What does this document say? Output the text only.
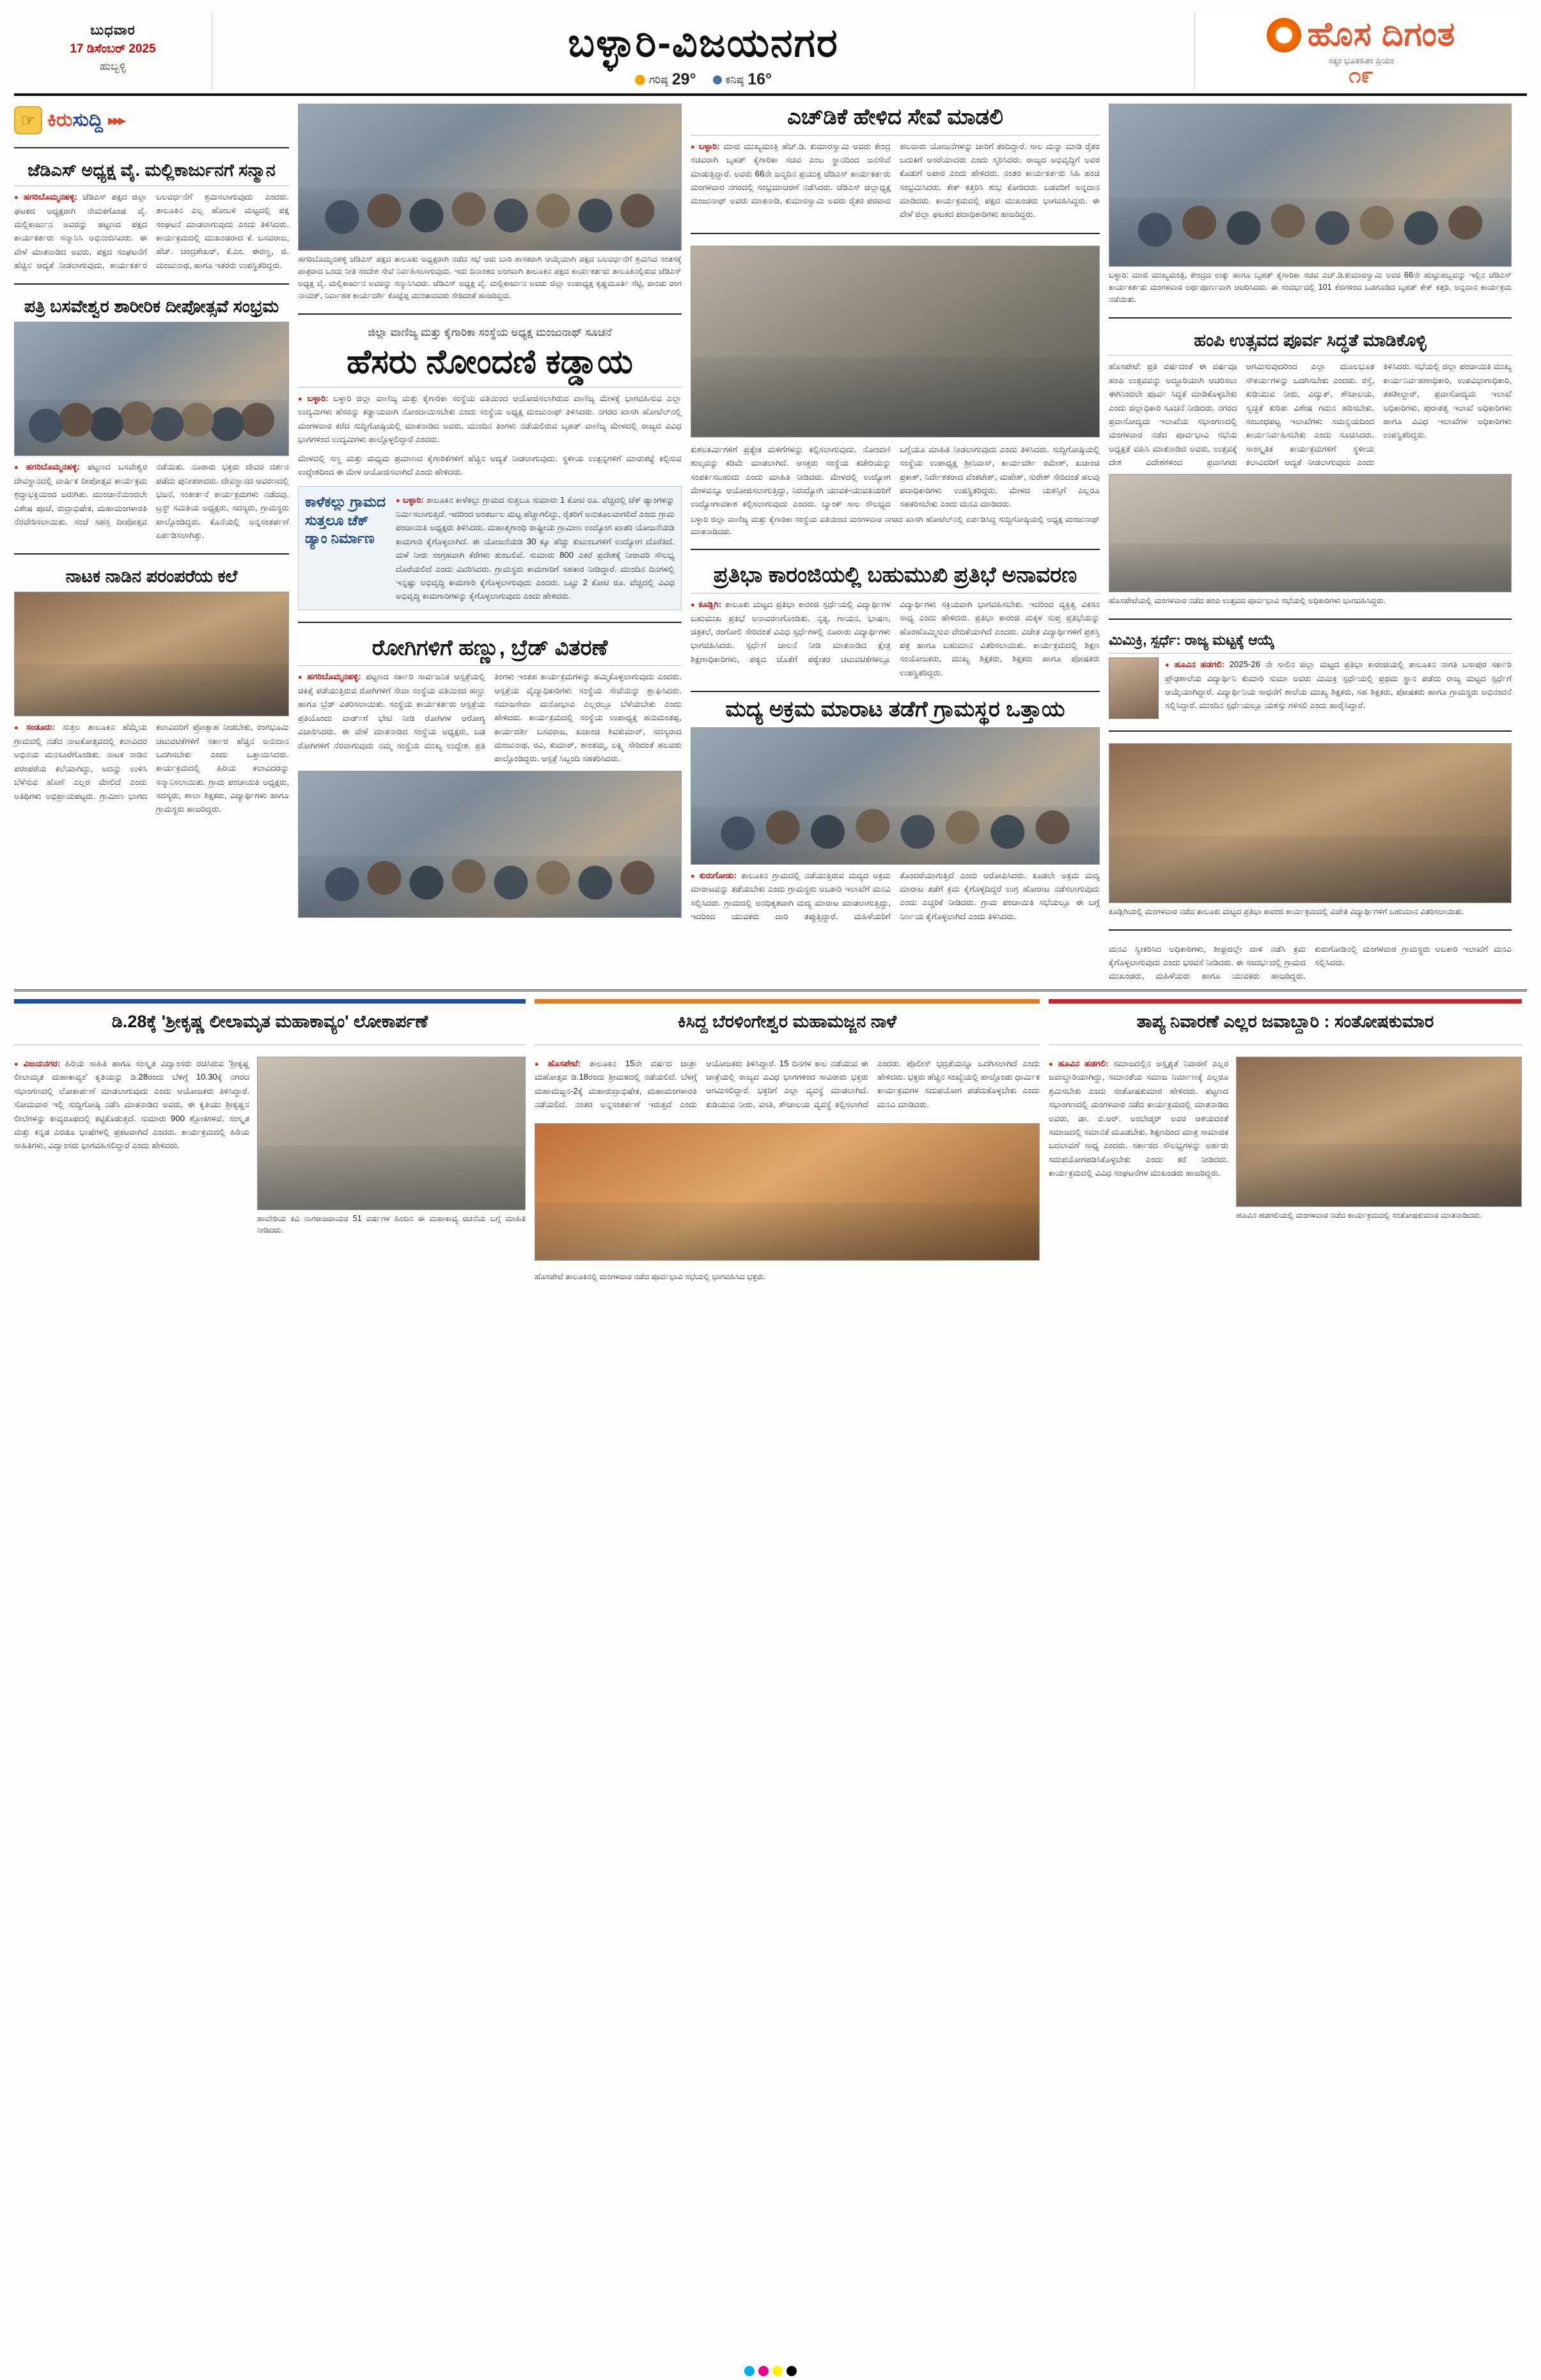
ಬುಧವಾರ
17 ಡಿಸೆಂಬರ್ 2025
ಹುಬ್ಬಳ್ಳಿ
ಬಳ್ಳಾರಿ-ವಿಜಯನಗರ
ಗರಿಷ್ಠ 29°	ಕನಿಷ್ಠ 16°
ಹೊಸ ದಿಗಂತ
ಸತ್ಯಂ ಭೂತಹಿತಂ ಪ್ರಿಯಂ
೧೯
☞
ಕಿರುಸುದ್ದಿ ▸▸▸
ಜೆಡಿಎಸ್ ಅಧ್ಯಕ್ಷ ವೈ. ಮಲ್ಲಿಕಾರ್ಜುನಗೆ ಸನ್ಮಾನ
● ಹಗರಿಬೊಮ್ಮನಹಳ್ಳಿ: ಜೆಡಿಎಸ್ ಪಕ್ಷದ ಜಿಲ್ಲಾ ಘಟಕದ ಅಧ್ಯಕ್ಷರಾಗಿ ನೇಮಕಗೊಂಡ ವೈ. ಮಲ್ಲಿಕಾರ್ಜುನ ಅವರನ್ನು ಪಟ್ಟಣದ ಪಕ್ಷದ ಕಾರ್ಯಕರ್ತರು ಸನ್ಮಾನಿಸಿ ಅಭಿನಂದಿಸಿದರು. ಈ ವೇಳೆ ಮಾತನಾಡಿದ ಅವರು, ಪಕ್ಷದ ಸಂಘಟನೆಗೆ ಹೆಚ್ಚಿನ ಆದ್ಯತೆ ನೀಡಲಾಗುವುದು, ಕಾರ್ಯಕರ್ತರ ಬಲವರ್ಧನೆಗೆ ಶ್ರಮಿಸಲಾಗುವುದು ಎಂದರು. ತಾಲೂಕಿನ ಎಲ್ಲ ಹೋಬಳಿ ಮಟ್ಟದಲ್ಲಿ ಪಕ್ಷ ಸಂಘಟನೆ ಮಾಡಲಾಗುವುದು ಎಂದು ತಿಳಿಸಿದರು. ಕಾರ್ಯಕ್ರಮದಲ್ಲಿ ಮುಖಂಡರಾದ ಕೆ. ಬಸವರಾಜ, ಹೆಚ್. ಚಂದ್ರಶೇಖರ್, ಕೆ.ಎಂ. ಈರಣ್ಣ, ಜಿ. ಮಂಜುನಾಥ, ಹಾಗೂ ಇತರರು ಉಪಸ್ಥಿತರಿದ್ದರು.
ಪತ್ರಿ ಬಸವೇಶ್ವರ ಶಾರೀರಿಕ ದೀಪೋತ್ಸವೆ ಸಂಭ್ರಮ
● ಹಗರಿಬೊಮ್ಮನಹಳ್ಳಿ: ಪಟ್ಟಣದ ಬಸವೇಶ್ವರ ದೇವಸ್ಥಾನದಲ್ಲಿ ವಾರ್ಷಿಕ ದೀಪೋತ್ಸವ ಕಾರ್ಯಕ್ರಮ ಶ್ರದ್ಧಾಭಕ್ತಿಯಿಂದ ಜರುಗಿತು. ಮುಂಜಾನೆಯಿಂದಲೇ ವಿಶೇಷ ಪೂಜೆ, ರುದ್ರಾಭಿಷೇಕ, ಮಹಾಮಂಗಳಾರತಿ ನೆರವೇರಿಸಲಾಯಿತು. ಸಂಜೆ ಸಹಸ್ರ ದೀಪೋತ್ಸವ ನಡೆಯಿತು. ನೂರಾರು ಭಕ್ತರು ದೇವರ ದರ್ಶನ ಪಡೆದು ಪುನೀತರಾದರು. ದೇವಸ್ಥಾನದ ಆವರಣದಲ್ಲಿ ಭಜನೆ, ಸಂಕೀರ್ತನೆ ಕಾರ್ಯಕ್ರಮಗಳು ನಡೆದವು. ಟ್ರಸ್ಟ್ ಸಮಿತಿಯ ಅಧ್ಯಕ್ಷರು, ಸದಸ್ಯರು, ಗ್ರಾಮಸ್ಥರು ಪಾಲ್ಗೊಂಡಿದ್ದರು. ಕೊನೆಯಲ್ಲಿ ಅನ್ನಸಂತರ್ಪಣೆ ಏರ್ಪಡಿಸಲಾಗಿತ್ತು.
ನಾಟಕ ನಾಡಿನ ಪರಂಪರೆಯ ಕಲೆ
● ಸಂಡೂರು: ಸುತ್ತಲ ತಾಲೂಕಿನ ಹೆಮ್ಮೆಯ ಗ್ರಾಮದಲ್ಲಿ ನಡೆದ ನಾಟಕೋತ್ಸವದಲ್ಲಿ ಕಲಾವಿದರ ಅಭಿನಯ ಮನಸೂರೆಗೊಂಡಿತು. ನಾಟಕ ನಾಡಿನ ಪರಂಪರೆಯ ಕಲೆಯಾಗಿದ್ದು, ಅದನ್ನು ಉಳಿಸಿ ಬೆಳೆಸುವ ಹೊಣೆ ಎಲ್ಲರ ಮೇಲಿದೆ ಎಂದು ಅತಿಥಿಗಳು ಅಭಿಪ್ರಾಯಪಟ್ಟರು. ಗ್ರಾಮೀಣ ಭಾಗದ ಕಲಾವಿದರಿಗೆ ಪ್ರೋತ್ಸಾಹ ನೀಡಬೇಕು, ರಂಗಭೂಮಿ ಚಟುವಟಿಕೆಗಳಿಗೆ ಸರ್ಕಾರ ಹೆಚ್ಚಿನ ಅನುದಾನ ಒದಗಿಸಬೇಕು ಎಂದು ಒತ್ತಾಯಿಸಿದರು. ಕಾರ್ಯಕ್ರಮದಲ್ಲಿ ಹಿರಿಯ ಕಲಾವಿದರನ್ನು ಸನ್ಮಾನಿಸಲಾಯಿತು. ಗ್ರಾಮ ಪಂಚಾಯಿತಿ ಅಧ್ಯಕ್ಷರು, ಸದಸ್ಯರು, ಶಾಲಾ ಶಿಕ್ಷಕರು, ವಿದ್ಯಾರ್ಥಿಗಳು ಹಾಗೂ ಗ್ರಾಮಸ್ಥರು ಹಾಜರಿದ್ದರು.
ಹಗರಿಬೊಮ್ಮನಹಳ್ಳಿ ಜೆಡಿಎಸ್ ಪಕ್ಷದ ತಾಲೂಕು ಅಧ್ಯಕ್ಷರಾಗಿ ನಡೆದ ಸಭೆ ಆರು ಬಾರಿ ಶಾಸಕರಾಗಿ ಆಯ್ಕೆಯಾಗಿ ಪಕ್ಷದ ಬಲವರ್ಧನೆಗೆ ಶ್ರಮಿಸಿದ ಸಂತಸಕ್ಕೆ ಪಾತ್ರರಾದ ಒಂದು ನೀತಿ ಸಂದೇಶ ಸೇವೆ ನಿರ್ವಹಿಸಲಾಗುವುದು. ಇದು ದಿನಾಂಕದ ಅಂಗವಾಗಿ ತಾಲೂಕಿನ ಪಕ್ಷದ ಕಾರ್ಯಕರ್ತರು ತಾಲೂಕಿನಲ್ಲಿರುವ ಜೆಡಿಎಸ್ ಅಧ್ಯಕ್ಷ ವೈ. ಮಲ್ಲಿಕಾರ್ಜುನ ಅವರನ್ನು ಸನ್ಮಾನಿಸಿದರು. ಜೆಡಿಎಸ್ ಅಧ್ಯಕ್ಷ ವೈ. ಮಲ್ಲಿಕಾರ್ಜುನ ಅವರು ಜಿಲ್ಲಾ ಉಪಾಧ್ಯಕ್ಷ ಕೃಷ್ಣಮೂರ್ತಿ ಸೆಟ್ಟಿ, ಪಾಂಡು ರಂಗ ನಾಯಕ್, ನಿರ್ವಾಹಕ ಕಾರ್ಯದರ್ಶಿ ಕೊಟ್ಟೆಪ್ಪ ಮುಂತಾದವರು ಸೇರಿದಂತೆ ಹಾಜರಿದ್ದರು.
ಜಿಲ್ಲಾ ವಾಣಿಜ್ಯ ಮತ್ತು ಕೈಗಾರಿಕಾ ಸಂಸ್ಥೆಯ ಅಧ್ಯಕ್ಷ ಮಂಜುನಾಥ್ ಸೂಚನೆ
ಹೆಸರು ನೋಂದಣಿ ಕಡ್ಡಾಯ
● ಬಳ್ಳಾರಿ: ಬಳ್ಳಾರಿ ಜಿಲ್ಲಾ ವಾಣಿಜ್ಯ ಮತ್ತು ಕೈಗಾರಿಕಾ ಸಂಸ್ಥೆಯ ವತಿಯಿಂದ ಆಯೋಜಿಸಲಾಗಿರುವ ವಾಣಿಜ್ಯ ಮೇಳಕ್ಕೆ ಭಾಗವಹಿಸುವ ಎಲ್ಲಾ ಉದ್ಯಮಿಗಳು ಹೆಸರನ್ನು ಕಡ್ಡಾಯವಾಗಿ ನೋಂದಾಯಿಸಬೇಕು ಎಂದು ಸಂಸ್ಥೆಯ ಅಧ್ಯಕ್ಷ ಮಂಜುನಾಥ್ ತಿಳಿಸಿದರು. ನಗರದ ಖಾಸಗಿ ಹೋಟೆಲ್‌ನಲ್ಲಿ ಮಂಗಳವಾರ ಕರೆದ ಸುದ್ದಿಗೋಷ್ಠಿಯಲ್ಲಿ ಮಾತನಾಡಿದ ಅವರು, ಮುಂದಿನ ತಿಂಗಳು ನಡೆಯಲಿರುವ ಬೃಹತ್ ವಾಣಿಜ್ಯ ಮೇಳದಲ್ಲಿ ರಾಜ್ಯದ ವಿವಿಧ ಭಾಗಗಳಿಂದ ಉದ್ಯಮಿಗಳು ಪಾಲ್ಗೊಳ್ಳಲಿದ್ದಾರೆ ಎಂದರು.
ಮೇಳದಲ್ಲಿ ಸಣ್ಣ ಮತ್ತು ಮಧ್ಯಮ ಪ್ರಮಾಣದ ಕೈಗಾರಿಕೆಗಳಿಗೆ ಹೆಚ್ಚಿನ ಆದ್ಯತೆ ನೀಡಲಾಗುವುದು. ಸ್ಥಳೀಯ ಉತ್ಪನ್ನಗಳಿಗೆ ಮಾರುಕಟ್ಟೆ ಕಲ್ಪಿಸುವ ಉದ್ದೇಶದಿಂದ ಈ ಮೇಳ ಆಯೋಜಿಸಲಾಗಿದೆ ಎಂದು ಹೇಳಿದರು.
ಕಾಳೆಕಲ್ಲು ಗ್ರಾಮದ ಸುತ್ತಲೂ ಚೆಕ್ ಡ್ಯಾಂ ನಿರ್ಮಾಣ
● ಬಳ್ಳಾರಿ: ತಾಲೂಕಿನ ಕಾಳೆಕಲ್ಲು ಗ್ರಾಮದ ಸುತ್ತಲೂ ಸುಮಾರು 1 ಕೋಟಿ ರೂ. ವೆಚ್ಚದಲ್ಲಿ ಚೆಕ್ ಡ್ಯಾಂಗಳನ್ನು ನಿರ್ಮಿಸಲಾಗುತ್ತಿದೆ. ಇದರಿಂದ ಅಂತರ್ಜಲ ಮಟ್ಟ ಹೆಚ್ಚಾಗಲಿದ್ದು, ರೈತರಿಗೆ ಅನುಕೂಲವಾಗಲಿದೆ ಎಂದು ಗ್ರಾಮ ಪಂಚಾಯಿತಿ ಅಧ್ಯಕ್ಷರು ತಿಳಿಸಿದರು. ಮಹಾತ್ಮಗಾಂಧಿ ರಾಷ್ಟ್ರೀಯ ಗ್ರಾಮೀಣ ಉದ್ಯೋಗ ಖಾತರಿ ಯೋಜನೆಯಡಿ ಕಾಮಗಾರಿ ಕೈಗೊಳ್ಳಲಾಗಿದೆ. ಈ ಯೋಜನೆಯಡಿ 30 ಕ್ಕೂ ಹೆಚ್ಚು ಕುಟುಂಬಗಳಿಗೆ ಉದ್ಯೋಗ ದೊರೆತಿದೆ. ಮಳೆ ನೀರು ಸಂಗ್ರಹವಾಗಿ ಕೆರೆಗಳು ತುಂಬಲಿವೆ. ಸುಮಾರು 800 ಎಕರೆ ಪ್ರದೇಶಕ್ಕೆ ನೀರಾವರಿ ಸೌಲಭ್ಯ ದೊರೆಯಲಿದೆ ಎಂದು ವಿವರಿಸಿದರು. ಗ್ರಾಮಸ್ಥರು ಕಾಮಗಾರಿಗೆ ಸಹಕಾರ ನೀಡಿದ್ದಾರೆ. ಮುಂದಿನ ದಿನಗಳಲ್ಲಿ ಇನ್ನಷ್ಟು ಅಭಿವೃದ್ಧಿ ಕಾಮಗಾರಿ ಕೈಗೊಳ್ಳಲಾಗುವುದು ಎಂದರು. ಒಟ್ಟು 2 ಕೋಟಿ ರೂ. ವೆಚ್ಚದಲ್ಲಿ ವಿವಿಧ ಅಭಿವೃದ್ಧಿ ಕಾಮಗಾರಿಗಳನ್ನು ಕೈಗೊಳ್ಳಲಾಗುವುದು ಎಂದು ಹೇಳಿದರು.
ರೋಗಿಗಳಿಗೆ ಹಣ್ಣು, ಬ್ರೆಡ್ ವಿತರಣೆ
● ಹಗರಿಬೊಮ್ಮನಹಳ್ಳಿ: ಪಟ್ಟಣದ ಸರ್ಕಾರಿ ಸಾರ್ವಜನಿಕ ಆಸ್ಪತ್ರೆಯಲ್ಲಿ ಚಿಕಿತ್ಸೆ ಪಡೆಯುತ್ತಿರುವ ರೋಗಿಗಳಿಗೆ ಸೇವಾ ಸಂಸ್ಥೆಯ ವತಿಯಿಂದ ಹಣ್ಣು ಹಾಗೂ ಬ್ರೆಡ್ ವಿತರಿಸಲಾಯಿತು. ಸಂಸ್ಥೆಯ ಕಾರ್ಯಕರ್ತರು ಆಸ್ಪತ್ರೆಯ ಪ್ರತಿಯೊಂದು ವಾರ್ಡ್‌ಗೆ ಭೇಟಿ ನೀಡಿ ರೋಗಿಗಳ ಆರೋಗ್ಯ ವಿಚಾರಿಸಿದರು. ಈ ವೇಳೆ ಮಾತನಾಡಿದ ಸಂಸ್ಥೆಯ ಅಧ್ಯಕ್ಷರು, ಬಡ ರೋಗಿಗಳಿಗೆ ನೆರವಾಗುವುದು ನಮ್ಮ ಸಂಸ್ಥೆಯ ಮುಖ್ಯ ಉದ್ದೇಶ. ಪ್ರತಿ ತಿಂಗಳು ಇಂತಹ ಕಾರ್ಯಕ್ರಮಗಳನ್ನು ಹಮ್ಮಿಕೊಳ್ಳಲಾಗುವುದು ಎಂದರು. ಆಸ್ಪತ್ರೆಯ ವೈದ್ಯಾಧಿಕಾರಿಗಳು ಸಂಸ್ಥೆಯ ಸೇವೆಯನ್ನು ಶ್ಲಾಘಿಸಿದರು. ಸಮಾಜಸೇವಾ ಮನೋಭಾವ ಎಲ್ಲರಲ್ಲೂ ಬೆಳೆಯಬೇಕು ಎಂದು ಹೇಳಿದರು. ಕಾರ್ಯಕ್ರಮದಲ್ಲಿ ಸಂಸ್ಥೆಯ ಉಪಾಧ್ಯಕ್ಷ ಹನುಮಂತಪ್ಪ, ಕಾರ್ಯದರ್ಶಿ ಬಸವರಾಜ, ಖಜಾಂಚಿ ಶಿವಕುಮಾರ್, ಸದಸ್ಯರಾದ ಮಂಜುನಾಥ, ರವಿ, ಕುಮಾರ್, ಶಾಂತಮ್ಮ, ಲಕ್ಷ್ಮಿ ಸೇರಿದಂತೆ ಹಲವರು ಪಾಲ್ಗೊಂಡಿದ್ದರು. ಆಸ್ಪತ್ರೆ ಸಿಬ್ಬಂದಿ ಸಹಕರಿಸಿದರು.
ಎಚ್‌ಡಿಕೆ ಹೇಳಿದ ಸೇವೆ ಮಾಡಲಿ
● ಬಳ್ಳಾರಿ: ಮಾಜಿ ಮುಖ್ಯಮಂತ್ರಿ ಹೆಚ್.ಡಿ. ಕುಮಾರಸ್ವಾಮಿ ಅವರು ಕೇಂದ್ರ ಸಚಿವರಾಗಿ ಬೃಹತ್ ಕೈಗಾರಿಕಾ ಸಚಿವ ಎಂಬ ಸ್ಥಾನದಿಂದ ಜನಸೇವೆ ಮಾಡುತ್ತಿದ್ದಾರೆ. ಅವರು 66ನೇ ಜನ್ಮದಿನ ಪ್ರಯುಕ್ತ ಜೆಡಿಎಸ್ ಕಾರ್ಯಕರ್ತರು ಮಂಗಳವಾರ ನಗರದಲ್ಲಿ ಸಂಭ್ರಮಾಚರಣೆ ನಡೆಸಿದರು. ಜೆಡಿಎಸ್ ಜಿಲ್ಲಾಧ್ಯಕ್ಷ ಮಂಜುನಾಥ್ ಅವರು ಮಾತನಾಡಿ, ಕುಮಾರಸ್ವಾಮಿ ಅವರು ರೈತರ ಪರವಾದ ಹಲವಾರು ಯೋಜನೆಗಳನ್ನು ಜಾರಿಗೆ ತಂದಿದ್ದಾರೆ. ಸಾಲ ಮನ್ನಾ ಮಾಡಿ ರೈತರ ಬದುಕಿಗೆ ಆಸರೆಯಾದರು ಎಂದು ಸ್ಮರಿಸಿದರು. ರಾಜ್ಯದ ಅಭಿವೃದ್ಧಿಗೆ ಅವರ ಕೊಡುಗೆ ಅಪಾರ ಎಂದು ಹೇಳಿದರು. ನಂತರ ಕಾರ್ಯಕರ್ತರು ಸಿಹಿ ಹಂಚಿ ಸಂಭ್ರಮಿಸಿದರು. ಕೇಕ್ ಕತ್ತರಿಸಿ ಶುಭ ಕೋರಿದರು. ಬಡವರಿಗೆ ಅನ್ನದಾನ ಮಾಡಿದರು. ಕಾರ್ಯಕ್ರಮದಲ್ಲಿ ಪಕ್ಷದ ಮುಖಂಡರು ಭಾಗವಹಿಸಿದ್ದರು. ಈ ವೇಳೆ ಜಿಲ್ಲಾ ಘಟಕದ ಪದಾಧಿಕಾರಿಗಳು ಹಾಜರಿದ್ದರು.
ಕುಶಲಕರ್ಮಿಗಳಿಗೆ ಪ್ರತ್ಯೇಕ ಮಳಿಗೆಗಳನ್ನು ಕಲ್ಪಿಸಲಾಗುವುದು. ನೋಂದಣಿ ಶುಲ್ಕವನ್ನು ಕಡಿಮೆ ಮಾಡಲಾಗಿದೆ. ಆಸಕ್ತರು ಸಂಸ್ಥೆಯ ಕಚೇರಿಯನ್ನು ಸಂಪರ್ಕಿಸಬಹುದು ಎಂದು ಮಾಹಿತಿ ನೀಡಿದರು. ಮೇಳದಲ್ಲಿ ಉದ್ಯೋಗ ಮೇಳವನ್ನೂ ಆಯೋಜಿಸಲಾಗುತ್ತಿದ್ದು, ನಿರುದ್ಯೋಗಿ ಯುವಕ-ಯುವತಿಯರಿಗೆ ಉದ್ಯೋಗಾವಕಾಶ ಕಲ್ಪಿಸಲಾಗುವುದು ಎಂದರು. ಬ್ಯಾಂಕ್ ಸಾಲ ಸೌಲಭ್ಯದ ಬಗ್ಗೆಯೂ ಮಾಹಿತಿ ನೀಡಲಾಗುವುದು ಎಂದು ತಿಳಿಸಿದರು. ಸುದ್ದಿಗೋಷ್ಠಿಯಲ್ಲಿ ಸಂಸ್ಥೆಯ ಉಪಾಧ್ಯಕ್ಷ ಶ್ರೀನಿವಾಸ್, ಕಾರ್ಯದರ್ಶಿ ರಮೇಶ್, ಖಜಾಂಚಿ ಪ್ರಕಾಶ್, ನಿರ್ದೇಶಕರಾದ ವೆಂಕಟೇಶ್, ಮಹೇಶ್, ಸುರೇಶ್ ಸೇರಿದಂತೆ ಹಲವು ಪದಾಧಿಕಾರಿಗಳು ಉಪಸ್ಥಿತರಿದ್ದರು. ಮೇಳದ ಯಶಸ್ಸಿಗೆ ಎಲ್ಲರೂ ಸಹಕರಿಸಬೇಕು ಎಂದು ಮನವಿ ಮಾಡಿದರು.
ಬಳ್ಳಾರಿ ಜಿಲ್ಲಾ ವಾಣಿಜ್ಯ ಮತ್ತು ಕೈಗಾರಿಕಾ ಸಂಸ್ಥೆಯ ವತಿಯಿಂದ ಮಂಗಳವಾರ ನಗರದ ಖಾಸಗಿ ಹೋಟೆಲ್‌ನಲ್ಲಿ ಏರ್ಪಡಿಸಿದ್ದ ಸುದ್ದಿಗೋಷ್ಠಿಯಲ್ಲಿ ಅಧ್ಯಕ್ಷ ಮಂಜುನಾಥ್ ಮಾತನಾಡಿದರು.
ಪ್ರತಿಭಾ ಕಾರಂಜಿಯಲ್ಲಿ ಬಹುಮುಖಿ ಪ್ರತಿಭೆ ಅನಾವರಣ
● ಕೂಡ್ಲಿಗಿ: ತಾಲೂಕು ಮಟ್ಟದ ಪ್ರತಿಭಾ ಕಾರಂಜಿ ಸ್ಪರ್ಧೆಯಲ್ಲಿ ವಿದ್ಯಾರ್ಥಿಗಳ ಬಹುಮುಖ ಪ್ರತಿಭೆ ಅನಾವರಣಗೊಂಡಿತು. ನೃತ್ಯ, ಗಾಯನ, ಭಾಷಣ, ಚಿತ್ರಕಲೆ, ರಂಗೋಲಿ ಸೇರಿದಂತೆ ವಿವಿಧ ಸ್ಪರ್ಧೆಗಳಲ್ಲಿ ನೂರಾರು ವಿದ್ಯಾರ್ಥಿಗಳು ಭಾಗವಹಿಸಿದರು. ಸ್ಪರ್ಧೆಗೆ ಚಾಲನೆ ನೀಡಿ ಮಾತನಾಡಿದ ಕ್ಷೇತ್ರ ಶಿಕ್ಷಣಾಧಿಕಾರಿಗಳು, ಪಠ್ಯದ ಜೊತೆಗೆ ಪಠ್ಯೇತರ ಚಟುವಟಿಕೆಗಳಲ್ಲೂ ವಿದ್ಯಾರ್ಥಿಗಳು ಸಕ್ರಿಯವಾಗಿ ಭಾಗವಹಿಸಬೇಕು. ಇದರಿಂದ ವ್ಯಕ್ತಿತ್ವ ವಿಕಸನ ಸಾಧ್ಯ ಎಂದು ಹೇಳಿದರು. ಪ್ರತಿಭಾ ಕಾರಂಜಿ ಮಕ್ಕಳ ಸುಪ್ತ ಪ್ರತಿಭೆಯನ್ನು ಹೊರಹೊಮ್ಮಿಸುವ ವೇದಿಕೆಯಾಗಿದೆ ಎಂದರು. ವಿಜೇತ ವಿದ್ಯಾರ್ಥಿಗಳಿಗೆ ಪ್ರಶಸ್ತಿ ಪತ್ರ ಹಾಗೂ ಬಹುಮಾನ ವಿತರಿಸಲಾಯಿತು. ಕಾರ್ಯಕ್ರಮದಲ್ಲಿ ಶಿಕ್ಷಣ ಸಂಯೋಜಕರು, ಮುಖ್ಯ ಶಿಕ್ಷಕರು, ಶಿಕ್ಷಕರು ಹಾಗೂ ಪೋಷಕರು ಉಪಸ್ಥಿತರಿದ್ದರು.
ಮದ್ಯ ಅಕ್ರಮ ಮಾರಾಟ ತಡೆಗೆ ಗ್ರಾಮಸ್ಥರ ಒತ್ತಾಯ
● ಕುರುಗೋಡು: ತಾಲೂಕಿನ ಗ್ರಾಮದಲ್ಲಿ ನಡೆಯುತ್ತಿರುವ ಮದ್ಯದ ಅಕ್ರಮ ಮಾರಾಟವನ್ನು ತಡೆಯಬೇಕು ಎಂದು ಗ್ರಾಮಸ್ಥರು ಅಬಕಾರಿ ಇಲಾಖೆಗೆ ಮನವಿ ಸಲ್ಲಿಸಿದರು. ಗ್ರಾಮದಲ್ಲಿ ಅನಧಿಕೃತವಾಗಿ ಮದ್ಯ ಮಾರಾಟ ಮಾಡಲಾಗುತ್ತಿದ್ದು, ಇದರಿಂದ ಯುವಕರು ದಾರಿ ತಪ್ಪುತ್ತಿದ್ದಾರೆ. ಮಹಿಳೆಯರಿಗೆ ತೊಂದರೆಯಾಗುತ್ತಿದೆ ಎಂದು ಆರೋಪಿಸಿದರು. ಕೂಡಲೇ ಅಕ್ರಮ ಮದ್ಯ ಮಾರಾಟ ತಡೆಗೆ ಕ್ರಮ ಕೈಗೊಳ್ಳದಿದ್ದರೆ ಉಗ್ರ ಹೋರಾಟ ನಡೆಸಲಾಗುವುದು ಎಂದು ಎಚ್ಚರಿಕೆ ನೀಡಿದರು. ಗ್ರಾಮ ಪಂಚಾಯಿತಿ ಸಭೆಯಲ್ಲೂ ಈ ಬಗ್ಗೆ ನಿರ್ಣಯ ಕೈಗೊಳ್ಳಲಾಗಿದೆ ಎಂದು ತಿಳಿಸಿದರು.
ಬಳ್ಳಾರಿ: ಮಾಜಿ ಮುಖ್ಯಮಂತ್ರಿ, ಕೇಂದ್ರದ ಉಕ್ಕು ಹಾಗೂ ಬೃಹತ್ ಕೈಗಾರಿಕಾ ಸಚಿವ ಎಚ್.ಡಿ.ಕುಮಾರಸ್ವಾಮಿ ಅವರ 66ನೇ ಹುಟ್ಟುಹಬ್ಬವನ್ನು ಇಲ್ಲಿನ ಜೆಡಿಎಸ್ ಕಾರ್ಯಕರ್ತರು ಮಂಗಳವಾರ ಅರ್ಥಪೂರ್ಣವಾಗಿ ಆಚರಿಸಿದರು. ಈ ಸಂದರ್ಭದಲ್ಲಿ 101 ಕೆಜಿಗಳಿಂದ ಒಡಗೂಡಿದ ಬೃಹತ್ ಕೇಕ್ ಕತ್ತರಿ, ಅನ್ನದಾನ ಕಾರ್ಯಕ್ರಮ ನಡೆಯಿತು.
ಹಂಪಿ ಉತ್ಸವದ ಪೂರ್ವ ಸಿದ್ಧತೆ ಮಾಡಿಕೊಳ್ಳಿ
ಹೊಸಪೇಟೆ: ಪ್ರತಿ ವರ್ಷದಂತೆ ಈ ವರ್ಷವೂ ಹಂಪಿ ಉತ್ಸವವನ್ನು ಅದ್ದೂರಿಯಾಗಿ ಆಚರಿಸಲು ಈಗಿನಿಂದಲೇ ಪೂರ್ವ ಸಿದ್ಧತೆ ಮಾಡಿಕೊಳ್ಳಬೇಕು ಎಂದು ಜಿಲ್ಲಾಧಿಕಾರಿ ಸೂಚನೆ ನೀಡಿದರು. ನಗರದ ಪ್ರವಾಸೋದ್ಯಮ ಇಲಾಖೆಯ ಸಭಾಂಗಣದಲ್ಲಿ ಮಂಗಳವಾರ ನಡೆದ ಪೂರ್ವಭಾವಿ ಸಭೆಯ ಅಧ್ಯಕ್ಷತೆ ವಹಿಸಿ ಮಾತನಾಡಿದ ಅವರು, ಉತ್ಸವಕ್ಕೆ ದೇಶ ವಿದೇಶಗಳಿಂದ ಪ್ರವಾಸಿಗರು ಆಗಮಿಸುವುದರಿಂದ ಎಲ್ಲಾ ಮೂಲಭೂತ ಸೌಕರ್ಯಗಳನ್ನು ಒದಗಿಸಬೇಕು ಎಂದರು. ರಸ್ತೆ, ಕುಡಿಯುವ ನೀರು, ವಿದ್ಯುತ್, ಶೌಚಾಲಯ, ಸ್ವಚ್ಛತೆ ಕುರಿತು ವಿಶೇಷ ಗಮನ ಹರಿಸಬೇಕು. ಸಂಬಂಧಪಟ್ಟ ಇಲಾಖೆಗಳು ಸಮನ್ವಯದಿಂದ ಕಾರ್ಯನಿರ್ವಹಿಸಬೇಕು ಎಂದು ಸೂಚಿಸಿದರು. ಸಾಂಸ್ಕೃತಿಕ ಕಾರ್ಯಕ್ರಮಗಳಿಗೆ ಸ್ಥಳೀಯ ಕಲಾವಿದರಿಗೆ ಆದ್ಯತೆ ನೀಡಲಾಗುವುದು ಎಂದು ತಿಳಿಸಿದರು. ಸಭೆಯಲ್ಲಿ ಜಿಲ್ಲಾ ಪಂಚಾಯಿತಿ ಮುಖ್ಯ ಕಾರ್ಯನಿರ್ವಹಣಾಧಿಕಾರಿ, ಉಪವಿಭಾಗಾಧಿಕಾರಿ, ತಹಶೀಲ್ದಾರ್, ಪ್ರವಾಸೋದ್ಯಮ ಇಲಾಖೆ ಅಧಿಕಾರಿಗಳು, ಪುರಾತತ್ವ ಇಲಾಖೆ ಅಧಿಕಾರಿಗಳು ಹಾಗೂ ವಿವಿಧ ಇಲಾಖೆಗಳ ಅಧಿಕಾರಿಗಳು ಉಪಸ್ಥಿತರಿದ್ದರು.
ಹೊಸಪೇಟೆಯಲ್ಲಿ ಮಂಗಳವಾರ ನಡೆದ ಹಂಪಿ ಉತ್ಸವದ ಪೂರ್ವಭಾವಿ ಸಭೆಯಲ್ಲಿ ಅಧಿಕಾರಿಗಳು ಭಾಗವಹಿಸಿದ್ದರು.
ಮಿಮಿಕ್ರಿ, ಸ್ಪರ್ಧೆ: ರಾಜ್ಯ ಮಟ್ಟಕ್ಕೆ ಆಯ್ಕೆ
● ಹೂವಿನ ಹಡಗಲಿ: 2025-26 ನೇ ಸಾಲಿನ ಜಿಲ್ಲಾ ಮಟ್ಟದ ಪ್ರತಿಭಾ ಕಾರಂಜಿಯಲ್ಲಿ ತಾಲೂಕಿನ ನಾಗತಿ ಬಸಾಪುರ ಸರ್ಕಾರಿ ಪ್ರೌಢಶಾಲೆಯ ವಿದ್ಯಾರ್ಥಿನಿ ಕುಮಾರಿ ಸುಮಾ ಅವರು ಮಿಮಿಕ್ರಿ ಸ್ಪರ್ಧೆಯಲ್ಲಿ ಪ್ರಥಮ ಸ್ಥಾನ ಪಡೆದು ರಾಜ್ಯ ಮಟ್ಟದ ಸ್ಪರ್ಧೆಗೆ ಆಯ್ಕೆಯಾಗಿದ್ದಾರೆ. ವಿದ್ಯಾರ್ಥಿನಿಯ ಸಾಧನೆಗೆ ಶಾಲೆಯ ಮುಖ್ಯ ಶಿಕ್ಷಕರು, ಸಹ ಶಿಕ್ಷಕರು, ಪೋಷಕರು ಹಾಗೂ ಗ್ರಾಮಸ್ಥರು ಅಭಿನಂದನೆ ಸಲ್ಲಿಸಿದ್ದಾರೆ. ಮುಂದಿನ ಸ್ಪರ್ಧೆಯಲ್ಲೂ ಯಶಸ್ಸು ಗಳಿಸಲಿ ಎಂದು ಹಾರೈಸಿದ್ದಾರೆ.
ಕೂಡ್ಲಿಗಿಯಲ್ಲಿ ಮಂಗಳವಾರ ನಡೆದ ತಾಲೂಕು ಮಟ್ಟದ ಪ್ರತಿಭಾ ಕಾರಂಜಿ ಕಾರ್ಯಕ್ರಮದಲ್ಲಿ ವಿಜೇತ ವಿದ್ಯಾರ್ಥಿಗಳಿಗೆ ಬಹುಮಾನ ವಿತರಿಸಲಾಯಿತು.
ಮನವಿ ಸ್ವೀಕರಿಸಿದ ಅಧಿಕಾರಿಗಳು, ಶೀಘ್ರದಲ್ಲೇ ದಾಳಿ ನಡೆಸಿ ಕ್ರಮ ಕೈಗೊಳ್ಳಲಾಗುವುದು ಎಂದು ಭರವಸೆ ನೀಡಿದರು. ಈ ಸಂದರ್ಭದಲ್ಲಿ ಗ್ರಾಮದ ಮುಖಂಡರು, ಮಹಿಳೆಯರು ಹಾಗೂ ಯುವಕರು ಹಾಜರಿದ್ದರು. ಕುರುಗೋಡಿನಲ್ಲಿ ಮಂಗಳವಾರ ಗ್ರಾಮಸ್ಥರು ಅಬಕಾರಿ ಇಲಾಖೆಗೆ ಮನವಿ ಸಲ್ಲಿಸಿದರು.
ಡಿ.28ಕ್ಕೆ 'ಶ್ರೀಕೃಷ್ಣ ಲೀಲಾಮೃತ ಮಹಾಕಾವ್ಯಂ' ಲೋಕಾರ್ಪಣೆ
● ವಿಜಯನಗರ: ಹಿರಿಯ ಸಾಹಿತಿ ಹಾಗೂ ಸಂಸ್ಕೃತ ವಿದ್ವಾಂಸರು ರಚಿಸಿರುವ 'ಶ್ರೀಕೃಷ್ಣ ಲೀಲಾಮೃತ ಮಹಾಕಾವ್ಯಂ' ಕೃತಿಯನ್ನು ಡಿ.28ರಂದು ಬೆಳಿಗ್ಗೆ 10.30ಕ್ಕೆ ನಗರದ ಸಭಾಂಗಣದಲ್ಲಿ ಲೋಕಾರ್ಪಣೆ ಮಾಡಲಾಗುವುದು ಎಂದು ಆಯೋಜಕರು ತಿಳಿಸಿದ್ದಾರೆ. ಸೋಮವಾರ ಇಲ್ಲಿ ಸುದ್ದಿಗೋಷ್ಠಿ ನಡೆಸಿ ಮಾತನಾಡಿದ ಅವರು, ಈ ಕೃತಿಯು ಶ್ರೀಕೃಷ್ಣನ ಲೀಲೆಗಳನ್ನು ಕಾವ್ಯರೂಪದಲ್ಲಿ ಕಟ್ಟಿಕೊಡುತ್ತದೆ. ಸುಮಾರು 900 ಶ್ಲೋಕಗಳಿವೆ. ಸಂಸ್ಕೃತ ಮತ್ತು ಕನ್ನಡ ಎರಡೂ ಭಾಷೆಗಳಲ್ಲಿ ಪ್ರಕಟವಾಗಿದೆ ಎಂದರು. ಕಾರ್ಯಕ್ರಮದಲ್ಲಿ ಹಿರಿಯ ಸಾಹಿತಿಗಳು, ವಿದ್ವಾಂಸರು ಭಾಗವಹಿಸಲಿದ್ದಾರೆ ಎಂದು ಹೇಳಿದರು.
ಹಾವೇರಿಯ ಕವಿ ನಾಗರಾಜರಾಯರ 51 ವರ್ಷಗಳ ಹಿಂದಿನ ಈ ಮಹಾಕಾವ್ಯ ರಚನೆಯ ಬಗ್ಗೆ ಮಾಹಿತಿ ನೀಡಿದರು.
ಕಿಸಿದ್ದ ಬೆರಳಿಂಗೇಶ್ವರ ಮಹಾಮಜ್ಜನ ನಾಳೆ
● ಹೊಸಪೇಟೆ: ತಾಲೂಕಿನ 15ನೇ ವರ್ಷದ ಜಾತ್ರಾ ಮಹೋತ್ಸವ ಡಿ.18ರಂದು ಶ್ರೀಮಠದಲ್ಲಿ ನಡೆಯಲಿದೆ. ಬೆಳಗ್ಗೆ ಮಹಾಮಜ್ಜನ-2ಕ್ಕೆ ಮಹಾರುದ್ರಾಭಿಷೇಕ, ಮಹಾಮಂಗಳಾರತಿ ನಡೆಯಲಿದೆ. ನಂತರ ಅನ್ನಸಂತರ್ಪಣೆ ಇರುತ್ತದೆ ಎಂದು ಆಯೋಜಕರು ತಿಳಿಸಿದ್ದಾರೆ. 15 ದಿನಗಳ ಕಾಲ ನಡೆಯುವ ಈ ಜಾತ್ರೆಯಲ್ಲಿ ರಾಜ್ಯದ ವಿವಿಧ ಭಾಗಗಳಿಂದ ಸಾವಿರಾರು ಭಕ್ತರು ಆಗಮಿಸಲಿದ್ದಾರೆ. ಭಕ್ತರಿಗೆ ಎಲ್ಲಾ ವ್ಯವಸ್ಥೆ ಮಾಡಲಾಗಿದೆ. ಕುಡಿಯುವ ನೀರು, ವಸತಿ, ಶೌಚಾಲಯ ವ್ಯವಸ್ಥೆ ಕಲ್ಪಿಸಲಾಗಿದೆ ಎಂದರು. ಪೊಲೀಸ್ ಭದ್ರತೆಯನ್ನೂ ಒದಗಿಸಲಾಗಿದೆ ಎಂದು ಹೇಳಿದರು. ಭಕ್ತರು ಹೆಚ್ಚಿನ ಸಂಖ್ಯೆಯಲ್ಲಿ ಪಾಲ್ಗೊಂಡು ಧಾರ್ಮಿಕ ಕಾರ್ಯಕ್ರಮಗಳ ಸದುಪಯೋಗ ಪಡೆದುಕೊಳ್ಳಬೇಕು ಎಂದು ಮನವಿ ಮಾಡಿದರು.
ಹೊಸಪೇಟೆ ತಾಲೂಕಿನಲ್ಲಿ ಮಂಗಳವಾರ ನಡೆದ ಪೂರ್ವಭಾವಿ ಸಭೆಯಲ್ಲಿ ಭಾಗವಹಿಸಿದ ಭಕ್ತರು.
ತಾಪ್ಯ ನಿವಾರಣೆ ಎಲ್ಲರ ಜವಾಬ್ದಾರಿ : ಸಂತೋಷಕುಮಾರ
● ಹೂವಿನ ಹಡಗಲಿ: ಸಮಾಜದಲ್ಲಿನ ಅಸ್ಪೃಶ್ಯತೆ ನಿವಾರಣೆ ಎಲ್ಲರ ಜವಾಬ್ದಾರಿಯಾಗಿದ್ದು, ಸಮಾನತೆಯ ಸಮಾಜ ನಿರ್ಮಾಣಕ್ಕೆ ಎಲ್ಲರೂ ಶ್ರಮಿಸಬೇಕು ಎಂದು ಸಂತೋಷಕುಮಾರ ಹೇಳಿದರು. ಪಟ್ಟಣದ ಸಭಾಂಗಣದಲ್ಲಿ ಮಂಗಳವಾರ ನಡೆದ ಕಾರ್ಯಕ್ರಮದಲ್ಲಿ ಮಾತನಾಡಿದ ಅವರು, ಡಾ. ಬಿ.ಆರ್. ಅಂಬೇಡ್ಕರ್ ಅವರ ಆಶಯದಂತೆ ಸಮಾಜದಲ್ಲಿ ಸಮಾನತೆ ಮೂಡಬೇಕು. ಶಿಕ್ಷಣದಿಂದ ಮಾತ್ರ ಸಾಮಾಜಿಕ ಬದಲಾವಣೆ ಸಾಧ್ಯ ಎಂದರು. ಸರ್ಕಾರದ ಸೌಲಭ್ಯಗಳನ್ನು ಅರ್ಹರು ಸದುಪಯೋಗಪಡಿಸಿಕೊಳ್ಳಬೇಕು ಎಂದು ಕರೆ ನೀಡಿದರು. ಕಾರ್ಯಕ್ರಮದಲ್ಲಿ ವಿವಿಧ ಸಂಘಟನೆಗಳ ಮುಖಂಡರು ಹಾಜರಿದ್ದರು.
ಹೂವಿನ ಹಡಗಲಿಯಲ್ಲಿ ಮಂಗಳವಾರ ನಡೆದ ಕಾರ್ಯಕ್ರಮದಲ್ಲಿ ಸಂತೋಷಕುಮಾರ ಮಾತನಾಡಿದರು.
